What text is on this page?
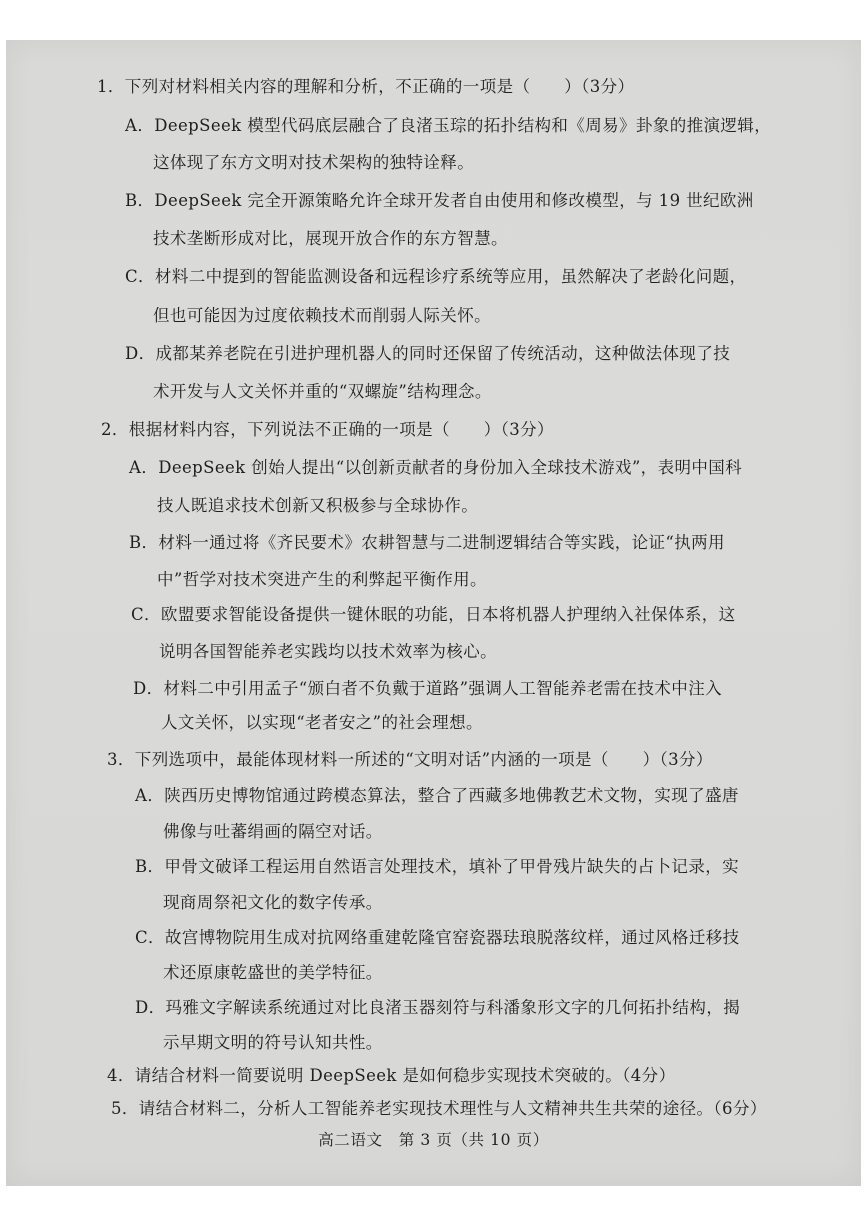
1．下列对材料相关内容的理解和分析，不正确的一项是（　　）（3分）
A．DeepSeek 模型代码底层融合了良渚玉琮的拓扑结构和《周易》卦象的推演逻辑，
这体现了东方文明对技术架构的独特诠释。
B．DeepSeek 完全开源策略允许全球开发者自由使用和修改模型，与 19 世纪欧洲
技术垄断形成对比，展现开放合作的东方智慧。
C．材料二中提到的智能监测设备和远程诊疗系统等应用，虽然解决了老龄化问题，
但也可能因为过度依赖技术而削弱人际关怀。
D．成都某养老院在引进护理机器人的同时还保留了传统活动，这种做法体现了技
术开发与人文关怀并重的“双螺旋”结构理念。
2．根据材料内容，下列说法不正确的一项是（　　）（3分）
A．DeepSeek 创始人提出“以创新贡献者的身份加入全球技术游戏”，表明中国科
技人既追求技术创新又积极参与全球协作。
B．材料一通过将《齐民要术》农耕智慧与二进制逻辑结合等实践，论证“执两用
中”哲学对技术突进产生的利弊起平衡作用。
C．欧盟要求智能设备提供一键休眠的功能，日本将机器人护理纳入社保体系，这
说明各国智能养老实践均以技术效率为核心。
D．材料二中引用孟子“颁白者不负戴于道路”强调人工智能养老需在技术中注入
人文关怀，以实现“老者安之”的社会理想。
3．下列选项中，最能体现材料一所述的“文明对话”内涵的一项是（　　）（3分）
A．陕西历史博物馆通过跨模态算法，整合了西藏多地佛教艺术文物，实现了盛唐
佛像与吐蕃绢画的隔空对话。
B．甲骨文破译工程运用自然语言处理技术，填补了甲骨残片缺失的占卜记录，实
现商周祭祀文化的数字传承。
C．故宫博物院用生成对抗网络重建乾隆官窑瓷器珐琅脱落纹样，通过风格迁移技
术还原康乾盛世的美学特征。
D．玛雅文字解读系统通过对比良渚玉器刻符与科潘象形文字的几何拓扑结构，揭
示早期文明的符号认知共性。
4．请结合材料一简要说明 DeepSeek 是如何稳步实现技术突破的。（4分）
5．请结合材料二，分析人工智能养老实现技术理性与人文精神共生共荣的途径。（6分）
高二语文　第 3 页（共 10 页）
